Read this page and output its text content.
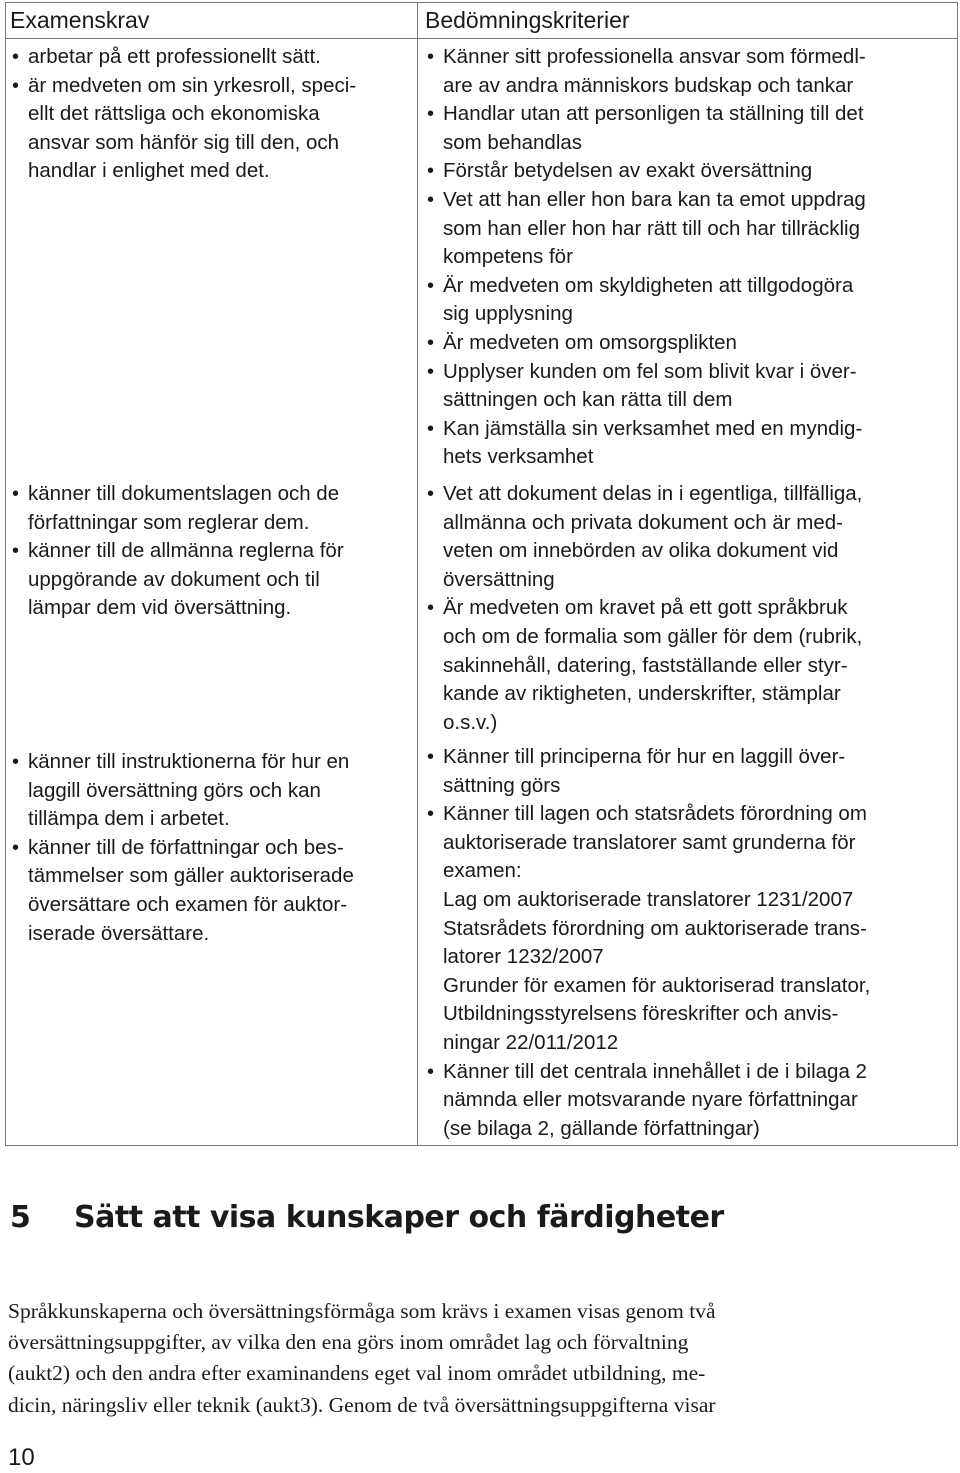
Examenskrav	Bedömningskriterier
• arbetar på ett professionellt sätt.
• är medveten om sin yrkesroll, speci-
ellt det rättsliga och ekonomiska
ansvar som hänför sig till den, och
handlar i enlighet med det.
• känner till dokumentslagen och de
författningar som reglerar dem.
• känner till de allmänna reglerna för
uppgörande av dokument och til
lämpar dem vid översättning.
• känner till instruktionerna för hur en
laggill översättning görs och kan
tillämpa dem i arbetet.
• känner till de författningar och bes-
tämmelser som gäller auktoriserade
översättare och examen för auktor-
iserade översättare.
• Känner sitt professionella ansvar som förmedl-
are av andra människors budskap och tankar
• Handlar utan att personligen ta ställning till det
som behandlas
• Förstår betydelsen av exakt översättning
• Vet att han eller hon bara kan ta emot uppdrag
som han eller hon har rätt till och har tillräcklig
kompetens för
• Är medveten om skyldigheten att tillgodogöra
sig upplysning
• Är medveten om omsorgsplikten
• Upplyser kunden om fel som blivit kvar i över-
sättningen och kan rätta till dem
• Kan jämställa sin verksamhet med en myndig-
hets verksamhet
• Vet att dokument delas in i egentliga, tillfälliga,
allmänna och privata dokument och är med-
veten om innebörden av olika dokument vid
översättning
• Är medveten om kravet på ett gott språkbruk
och om de formalia som gäller för dem (rubrik,
sakinnehåll, datering, fastställande eller styr-
kande av riktigheten, underskrifter, stämplar
o.s.v.)
• Känner till principerna för hur en laggill över-
sättning görs
• Känner till lagen och statsrådets förordning om
auktoriserade translatorer samt grunderna för
examen:
Lag om auktoriserade translatorer 1231/2007
Statsrådets förordning om auktoriserade trans-
latorer 1232/2007
Grunder för examen för auktoriserad translator,
Utbildningsstyrelsens föreskrifter och anvis-
ningar 22/011/2012
• Känner till det centrala innehållet i de i bilaga 2
nämnda eller motsvarande nyare författningar
(se bilaga 2, gällande författningar)
5 Sätt att visa kunskaper och färdigheter
Språkkunskaperna och översättningsförmåga som krävs i examen visas genom två
översättningsuppgifter, av vilka den ena görs inom området lag och förvaltning
(aukt2) och den andra efter examinandens eget val inom området utbildning, me-
dicin, näringsliv eller teknik (aukt3). Genom de två översättningsuppgifterna visar
10
